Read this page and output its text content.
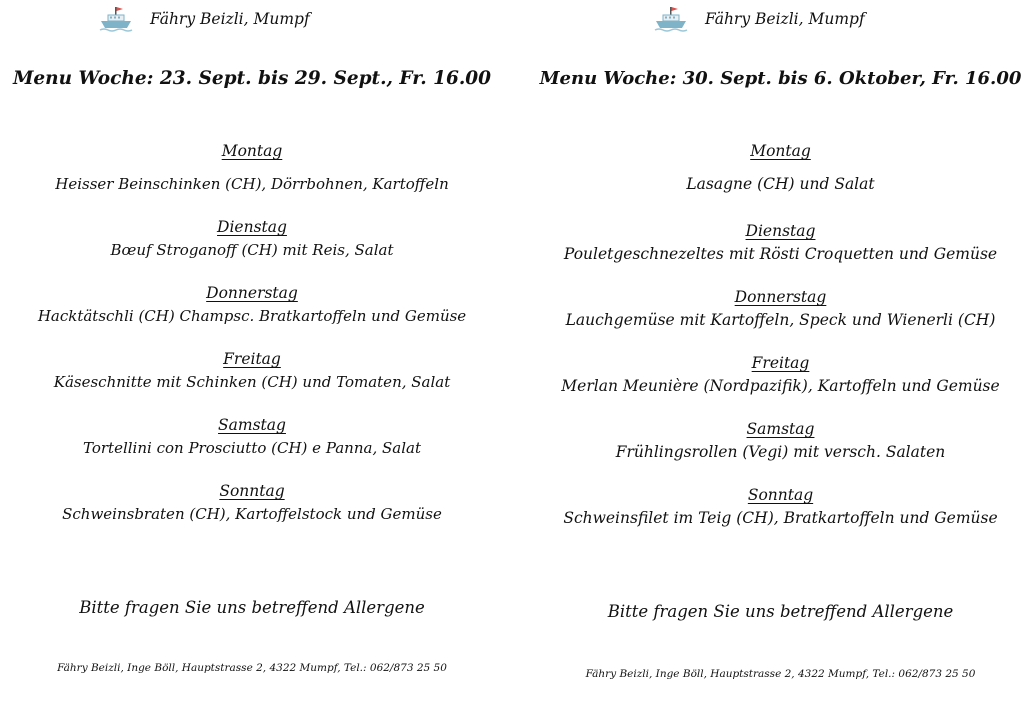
Fähry Beizli, Mumpf
Menu Woche: 23. Sept. bis 29. Sept., Fr. 16.00
Montag
Heisser Beinschinken (CH), Dörrbohnen, Kartoffeln
Dienstag
Bœuf Stroganoff (CH) mit Reis, Salat
Donnerstag
Hacktätschli (CH) Champsc. Bratkartoffeln und Gemüse
Freitag
Käseschnitte mit Schinken (CH) und Tomaten, Salat
Samstag
Tortellini con Prosciutto (CH) e Panna, Salat
Sonntag
Schweinsbraten (CH), Kartoffelstock und Gemüse
Bitte fragen Sie uns betreffend Allergene
Fähry Beizli, Inge Böll, Hauptstrasse 2, 4322 Mumpf, Tel.: 062/873 25 50
Fähry Beizli, Mumpf
Menu Woche: 30. Sept. bis 6. Oktober, Fr. 16.00
Montag
Lasagne (CH) und Salat
Dienstag
Pouletgeschnezeltes mit Rösti Croquetten und Gemüse
Donnerstag
Lauchgemüse mit Kartoffeln, Speck und Wienerli (CH)
Freitag
Merlan Meunière (Nordpazifik), Kartoffeln und Gemüse
Samstag
Frühlingsrollen (Vegi) mit versch. Salaten
Sonntag
Schweinsfilet im Teig (CH), Bratkartoffeln und Gemüse
Bitte fragen Sie uns betreffend Allergene
Fähry Beizli, Inge Böll, Hauptstrasse 2, 4322 Mumpf, Tel.: 062/873 25 50
